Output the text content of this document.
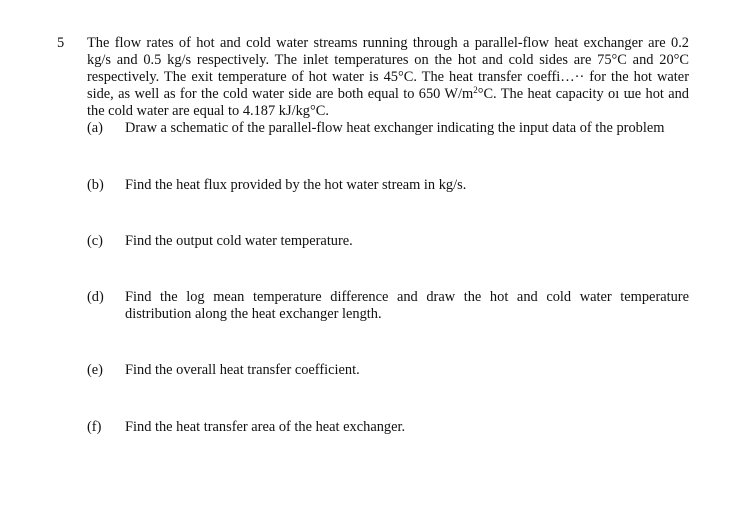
5 The flow rates of hot and cold water streams running through a parallel-flow heat exchanger are 0.2
kg/s and 0.5 kg/s respectively. The inlet temperatures on the hot and cold sides are 75°C and 20°C
respectively. The exit temperature of hot water is 45°C. The heat transfer coeffi…·· for the hot water
side, as well as for the cold water side are both equal to 650 $W/m^2^\circ C$. The heat capacity oı ɯe hot and
the cold water are equal to 4.187 kJ/kg°C.
(a) Draw a schematic of the parallel-flow heat exchanger indicating the input data of the problem
(b) Find the heat flux provided by the hot water stream in kg/s.
(c) Find the output cold water temperature.
(d) Find the log mean temperature difference and draw the hot and cold water temperature
distribution along the heat exchanger length.
(e) Find the overall heat transfer coefficient.
(f) Find the heat transfer area of the heat exchanger.
